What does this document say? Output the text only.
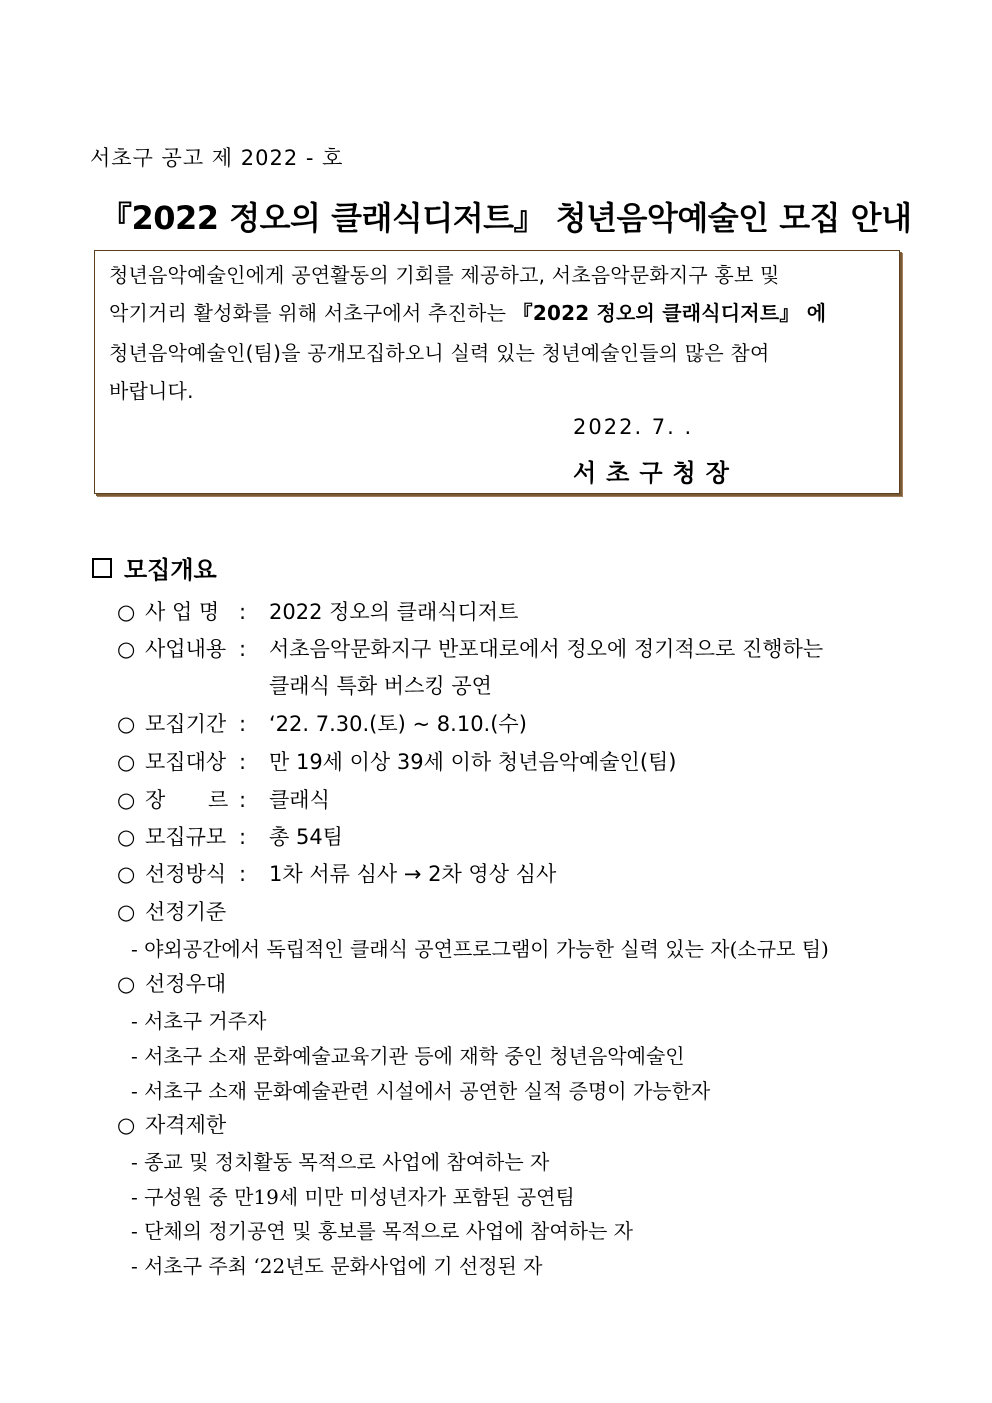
서초구 공고 제 2022 - 호
『2022 정오의 클래식디저트』 청년음악예술인 모집 안내
청년음악예술인에게 공연활동의 기회를 제공하고, 서초음악문화지구 홍보 및
악기거리 활성화를 위해 서초구에서 추진하는 『2022 정오의 클래식디저트』 에
청년음악예술인(팀)을 공개모집하오니 실력 있는 청년예술인들의 많은 참여
바랍니다.
2022. 7. .
서초구청장
모집개요
○ 사 업 명 :	2022 정오의 클래식디저트
○ 사업내용 :	서초음악문화지구 반포대로에서 정오에 정기적으로 진행하는
클래식 특화 버스킹 공연
○ 모집기간 :	‘22. 7.30.(토) ~ 8.10.(수)
○ 모집대상 :	만 19세 이상 39세 이하 청년음악예술인(팀)
○ 장 르 :	클래식
○ 모집규모 :	총 54팀
○ 선정방식 :	1차 서류 심사 → 2차 영상 심사
○ 선정기준
- 야외공간에서 독립적인 클래식 공연프로그램이 가능한 실력 있는 자(소규모 팀)
○ 선정우대
- 서초구 거주자
- 서초구 소재 문화예술교육기관 등에 재학 중인 청년음악예술인
- 서초구 소재 문화예술관련 시설에서 공연한 실적 증명이 가능한자
○ 자격제한
- 종교 및 정치활동 목적으로 사업에 참여하는 자
- 구성원 중 만19세 미만 미성년자가 포함된 공연팀
- 단체의 정기공연 및 홍보를 목적으로 사업에 참여하는 자
- 서초구 주최 ‘22년도 문화사업에 기 선정된 자
